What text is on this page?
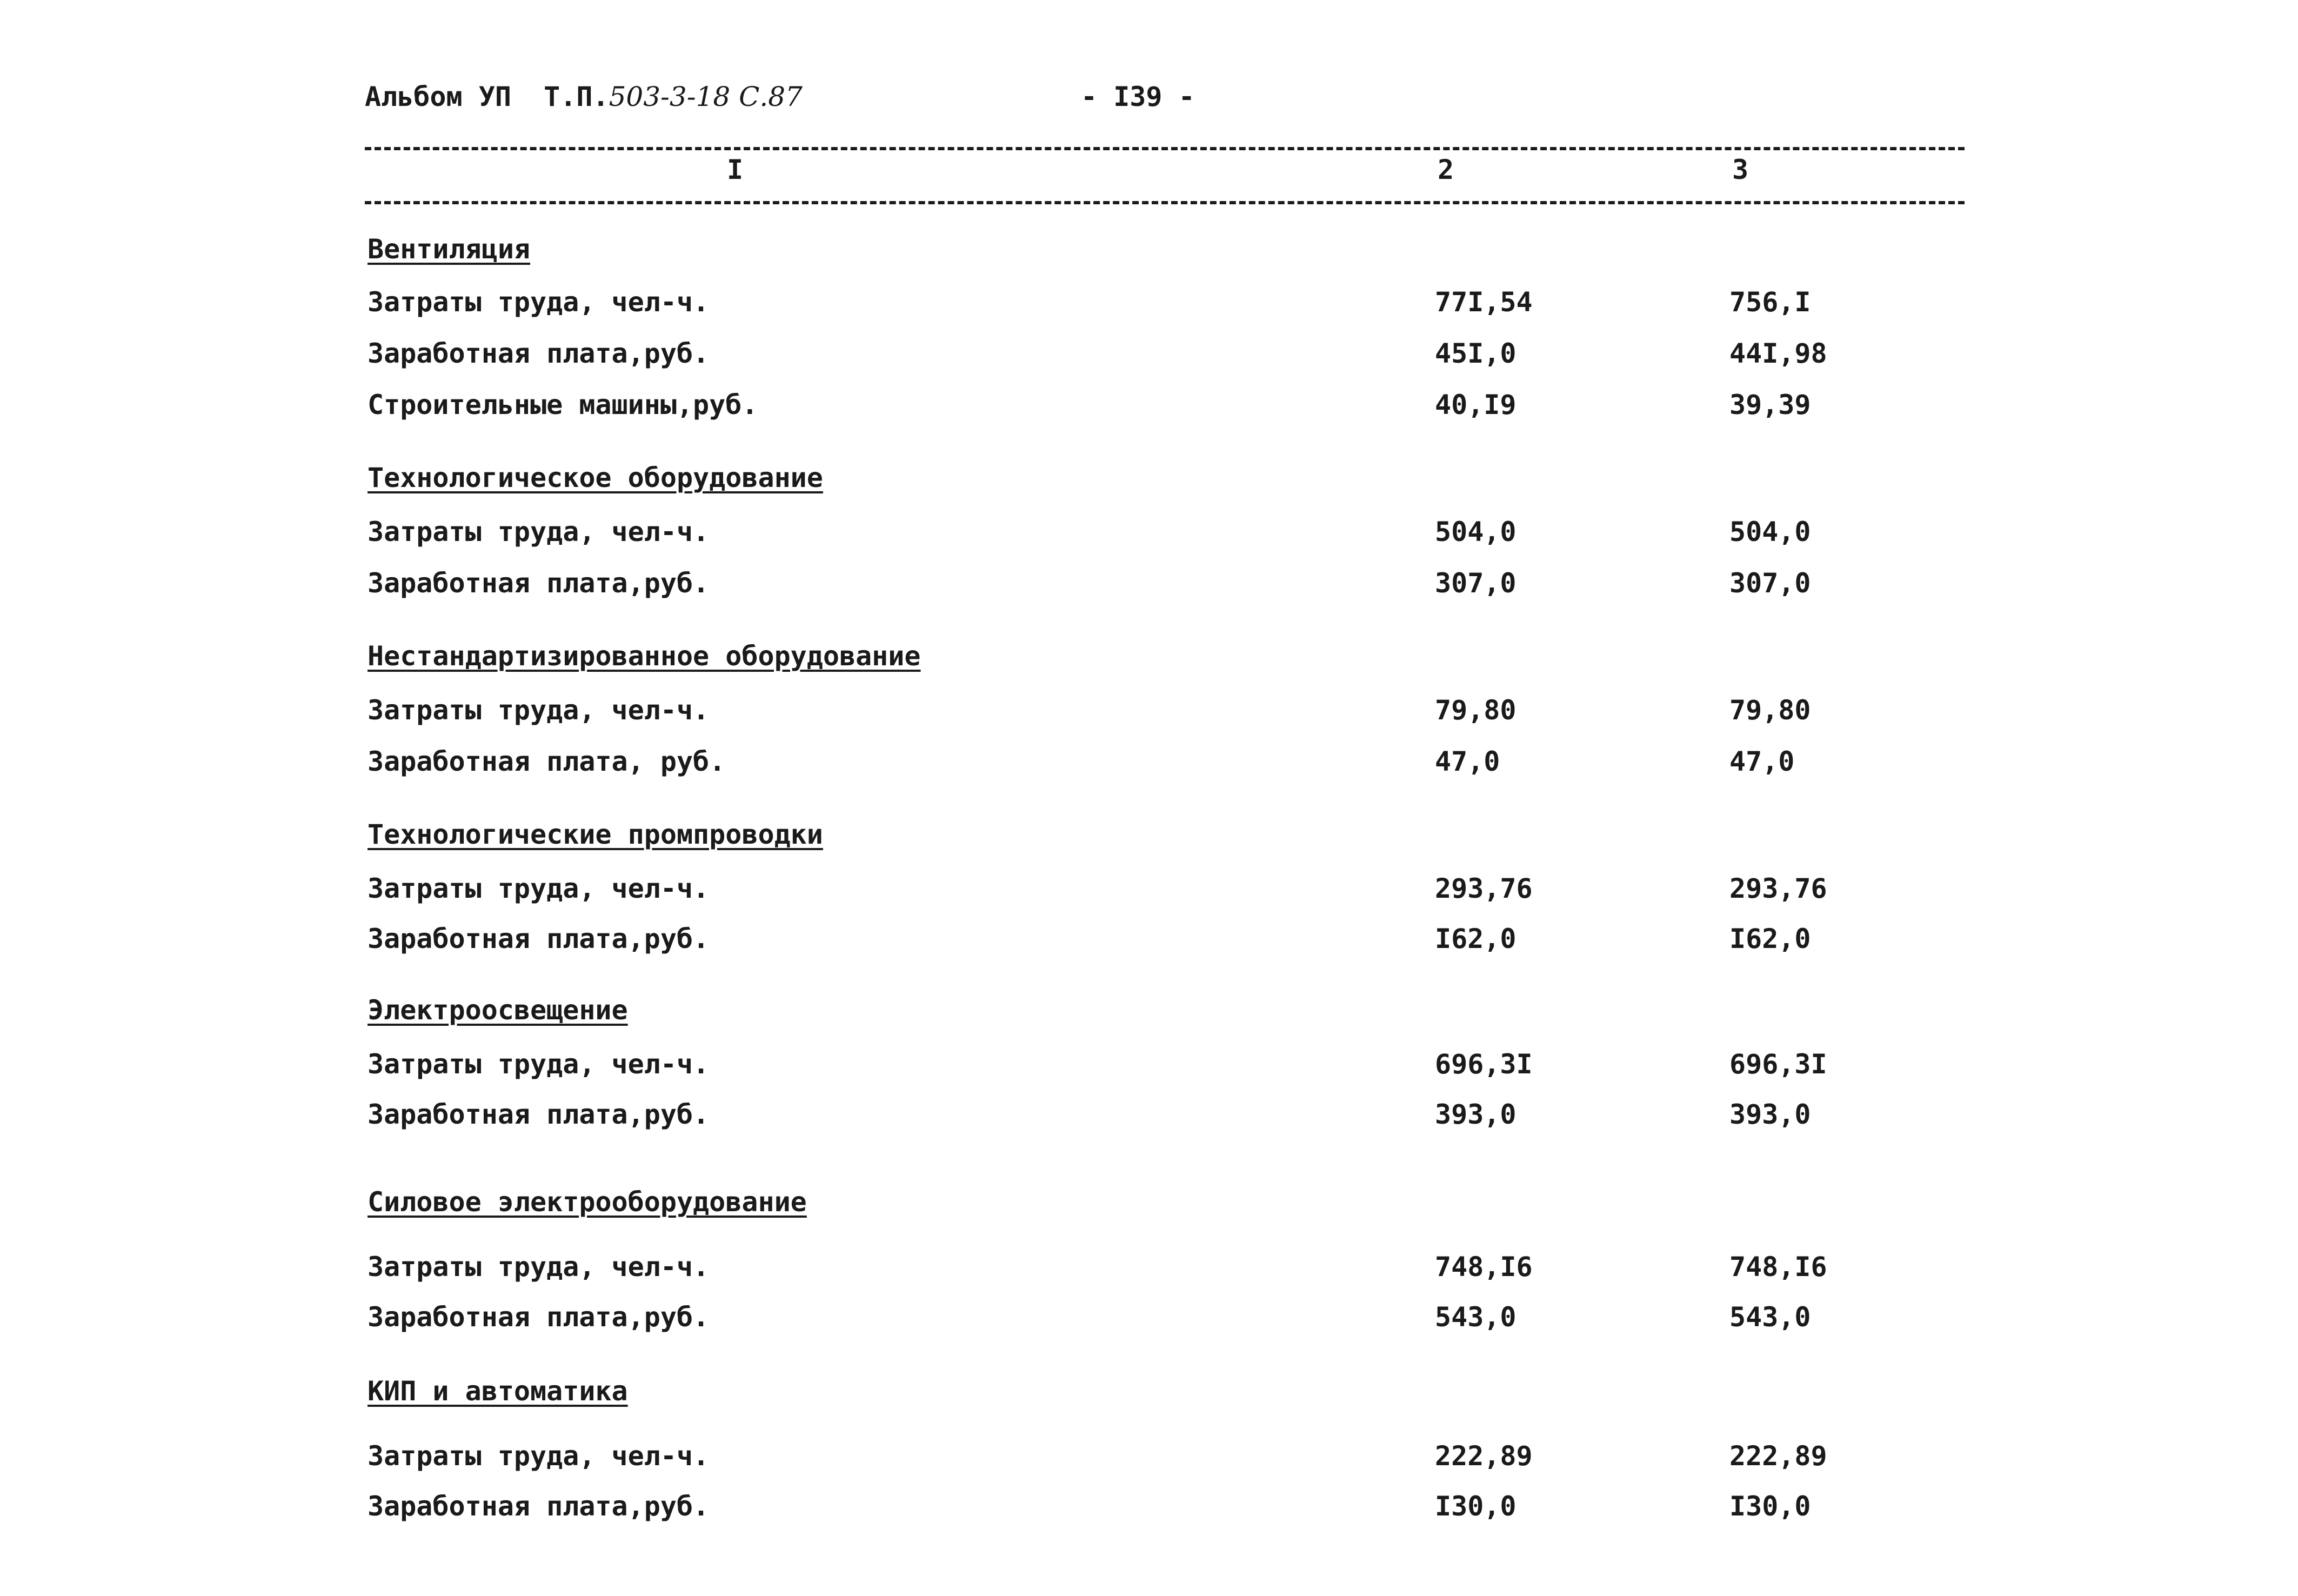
Альбом УП Т.П.503-3-18 С.87	- I39 -
I	2	3
Вентиляция
Затраты труда, чел-ч.	77I,54	756,I
Заработная плата,руб.	45I,0	44I,98
Строительные машины,руб.	40,I9	39,39
Технологическое оборудование
Затраты труда, чел-ч.	504,0	504,0
Заработная плата,руб.	307,0	307,0
Нестандартизированное оборудование
Затраты труда, чел-ч.	79,80	79,80
Заработная плата, руб.	47,0	47,0
Технологические промпроводки
Затраты труда, чел-ч.	293,76	293,76
Заработная плата,руб.	I62,0	I62,0
Электроосвещение
Затраты труда, чел-ч.	696,3I	696,3I
Заработная плата,руб.	393,0	393,0
Силовое электрооборудование
Затраты труда, чел-ч.	748,I6	748,I6
Заработная плата,руб.	543,0	543,0
КИП и автоматика
Затраты труда, чел-ч.	222,89	222,89
Заработная плата,руб.	I30,0	I30,0
